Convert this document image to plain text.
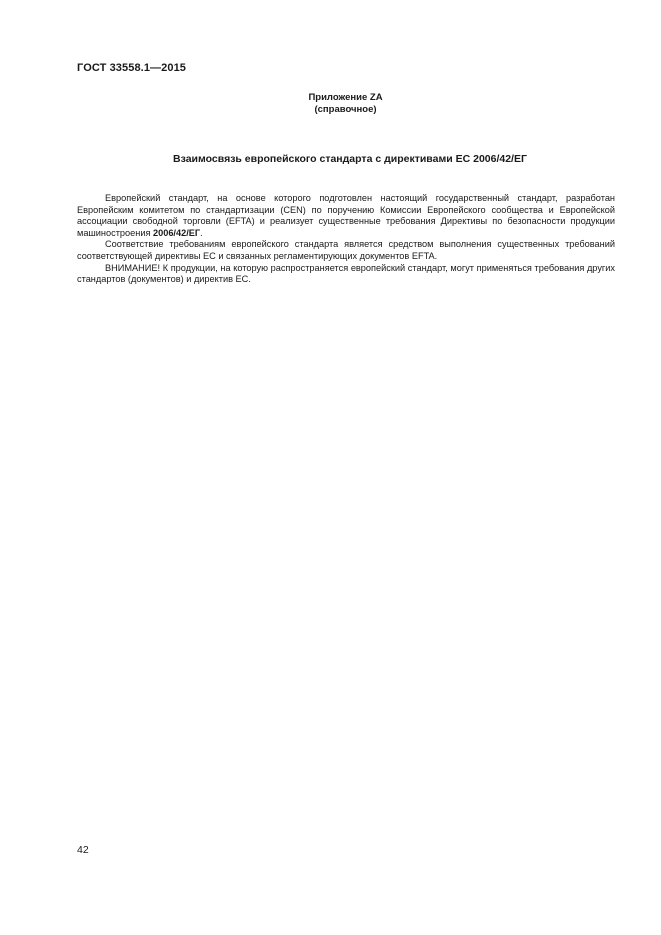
ГОСТ 33558.1—2015
Приложение ZA
(справочное)
Взаимосвязь европейского стандарта с директивами ЕС 2006/42/ЕГ

Европейский стандарт, на основе которого подготовлен настоящий государственный стандарт, разработан Европейским комитетом по стандартизации (CEN) по поручению Комиссии Европейского сообщества и Европейской ассоциации свободной торговли (EFTA) и реализует существенные требования Директивы по безопасности продукции машиностроения 2006/42/ЕГ.

Соответствие требованиям европейского стандарта является средством выполнения существенных требований соответствующей директивы ЕС и связанных регламентирующих документов EFTA.

ВНИМАНИЕ! К продукции, на которую распространяется европейский стандарт, могут применяться требования других стандартов (документов) и директив ЕС.

42
